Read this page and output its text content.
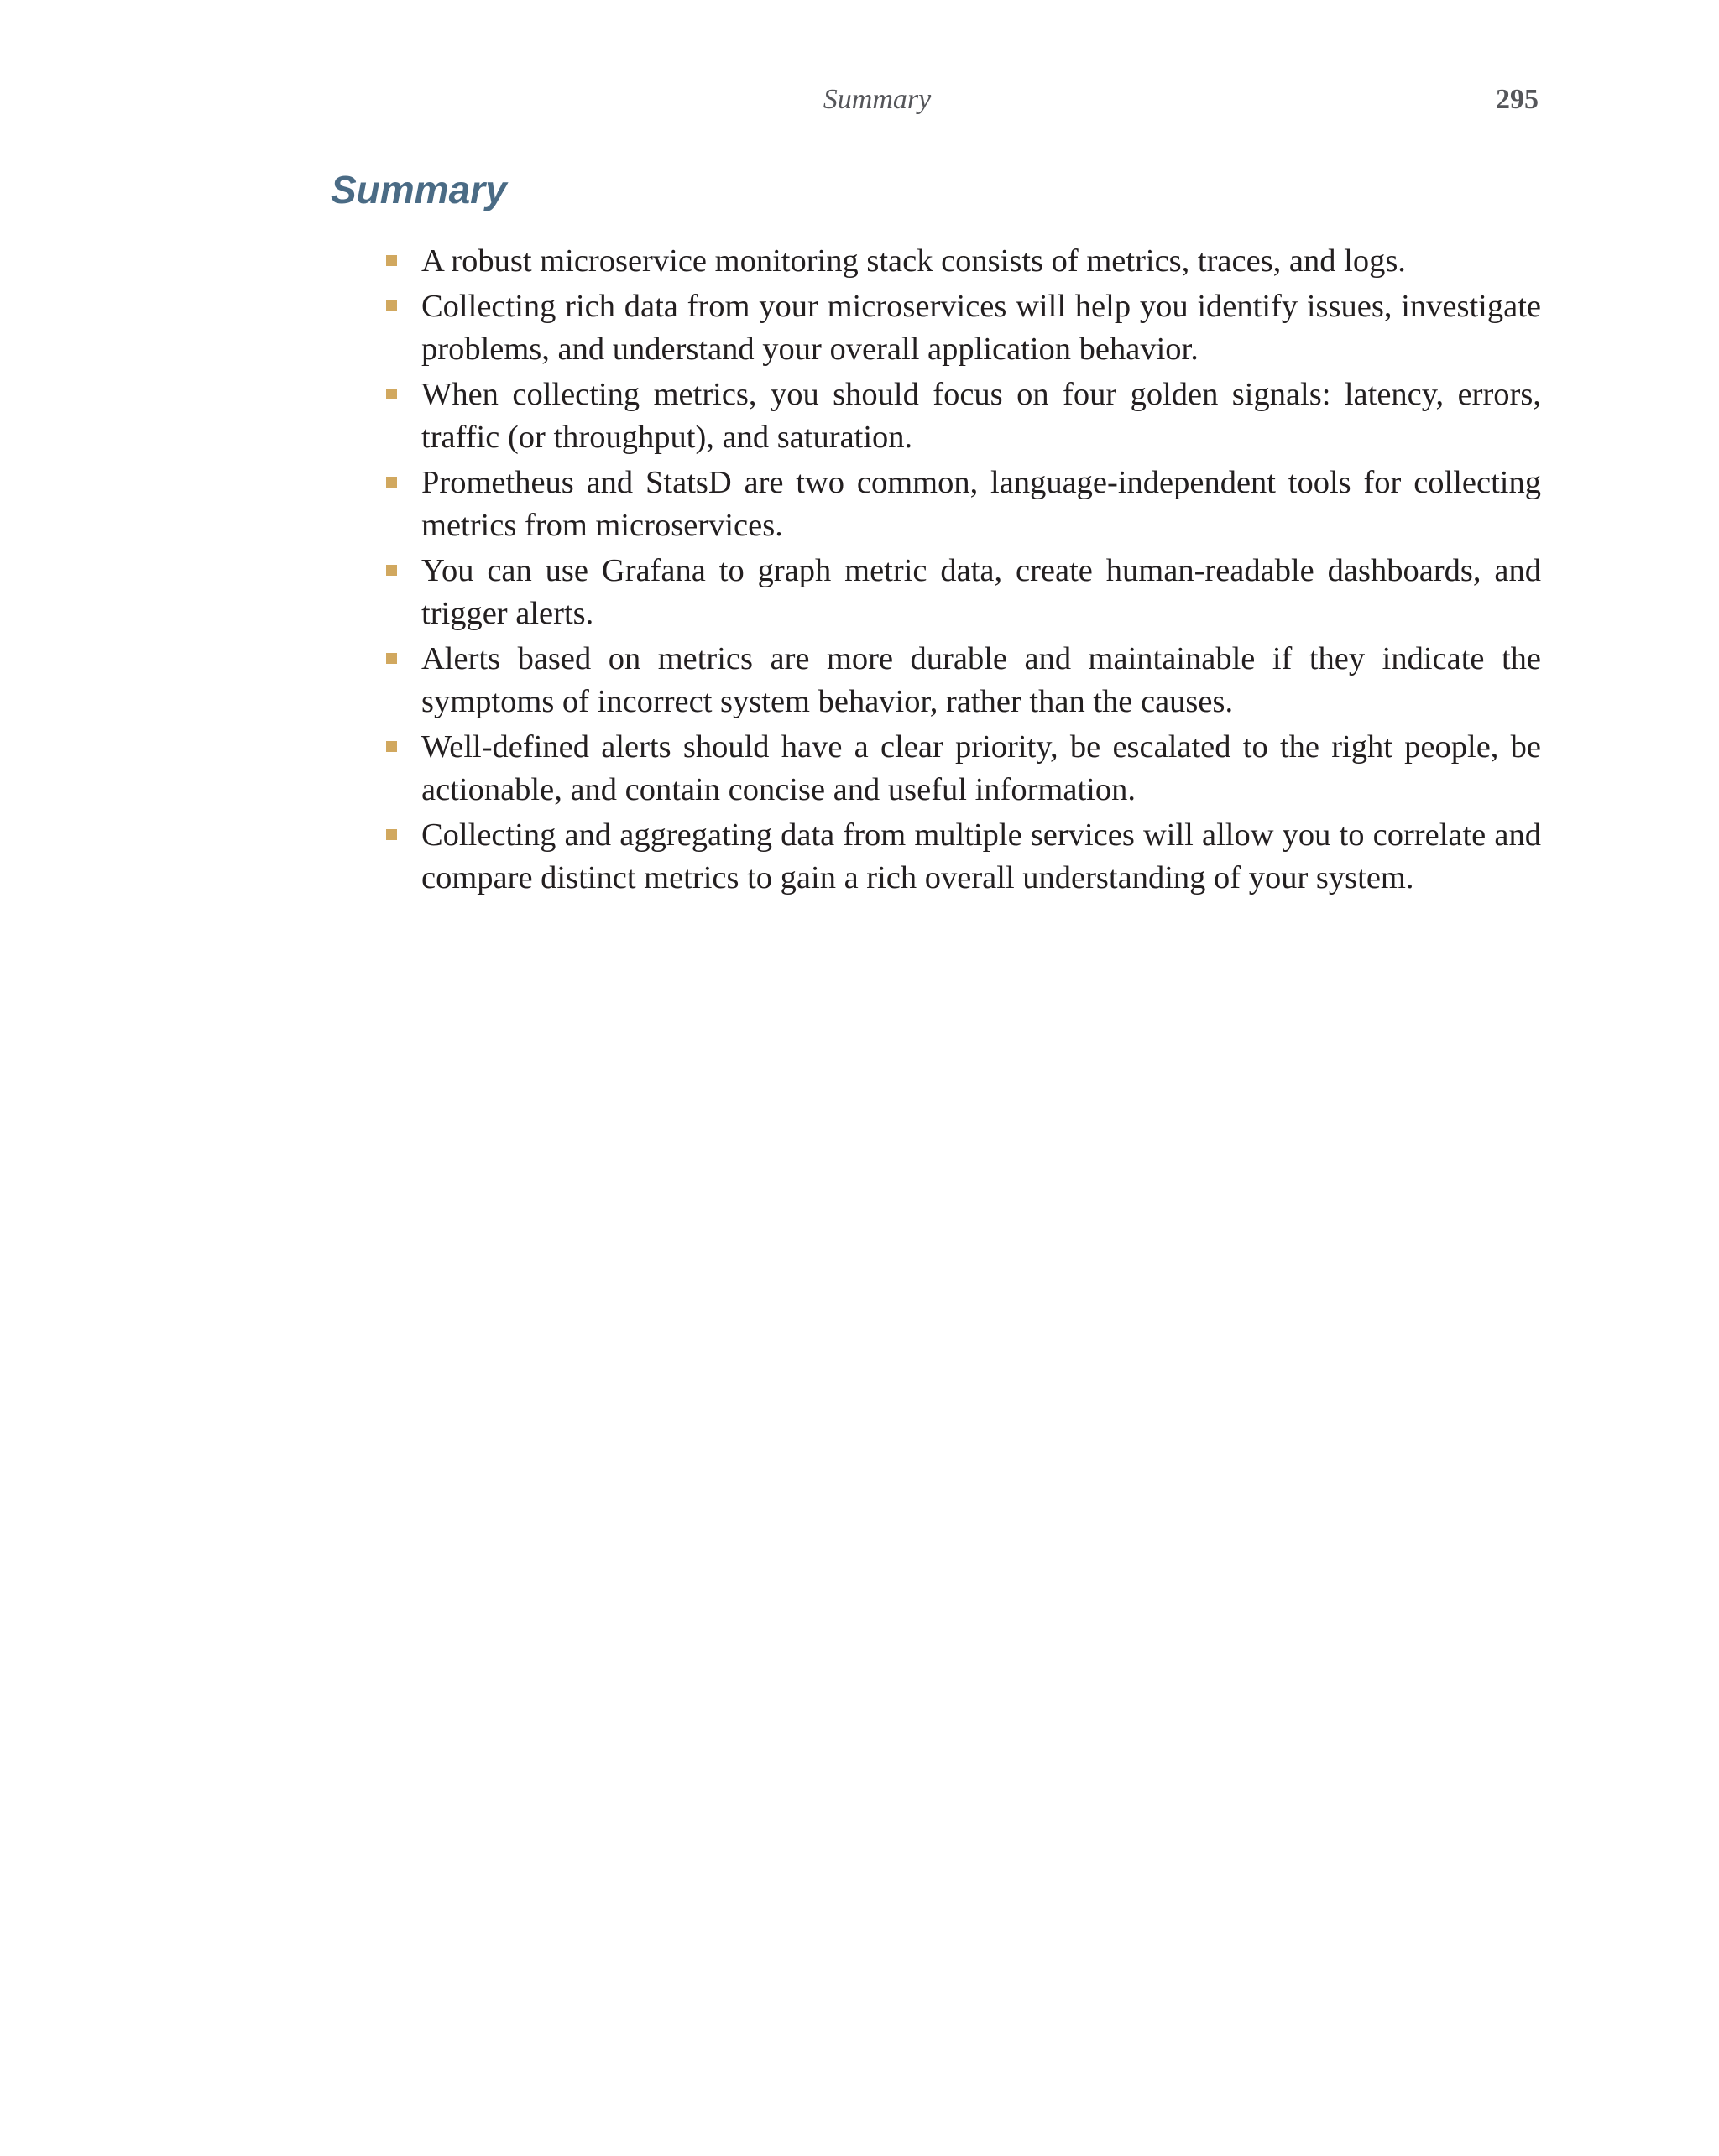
Summary	295
Summary
A robust microservice monitoring stack consists of metrics, traces, and logs.
Collecting rich data from your microservices will help you identify issues, investigate problems, and understand your overall application behavior.
When collecting metrics, you should focus on four golden signals: latency, errors, traffic (or throughput), and saturation.
Prometheus and StatsD are two common, language-independent tools for collecting metrics from microservices.
You can use Grafana to graph metric data, create human-readable dashboards, and trigger alerts.
Alerts based on metrics are more durable and maintainable if they indicate the symptoms of incorrect system behavior, rather than the causes.
Well-defined alerts should have a clear priority, be escalated to the right people, be actionable, and contain concise and useful information.
Collecting and aggregating data from multiple services will allow you to correlate and compare distinct metrics to gain a rich overall understanding of your system.
